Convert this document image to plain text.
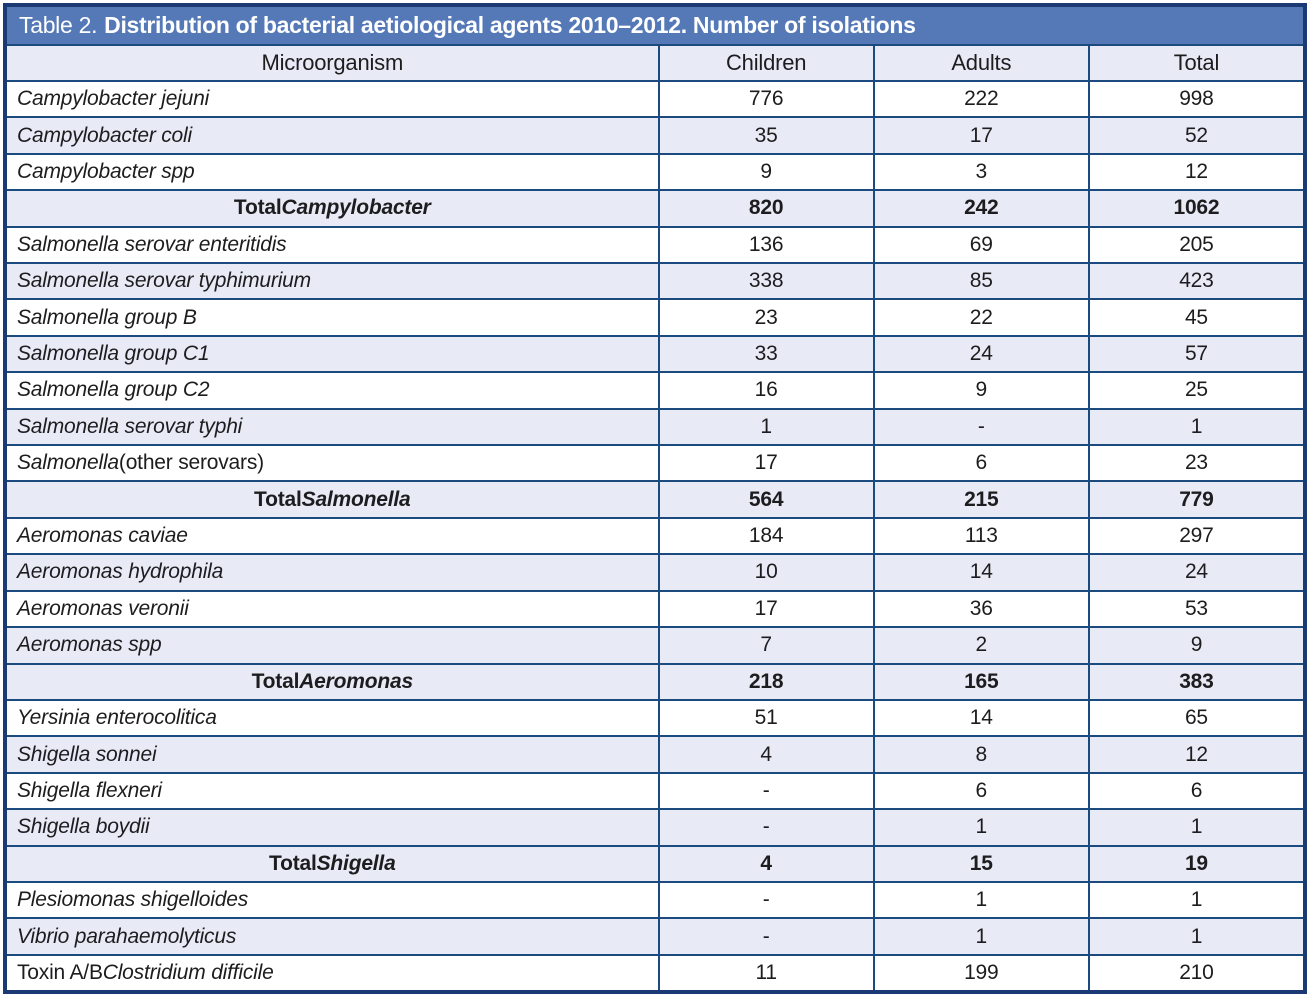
Table 2. Distribution of bacterial aetiological agents 2010–2012. Number of isolations
Microorganism	Children	Adults	Total
Campylobacter jejuni	776	222	998
Campylobacter coli	35	17	52
Campylobacter spp	9	3	12
Total Campylobacter	820	242	1062
Salmonella serovar enteritidis	136	69	205
Salmonella serovar typhimurium	338	85	423
Salmonella group B	23	22	45
Salmonella group C1	33	24	57
Salmonella group C2	16	9	25
Salmonella serovar typhi	1	-	1
Salmonella (other serovars)	17	6	23
Total Salmonella	564	215	779
Aeromonas caviae	184	113	297
Aeromonas hydrophila	10	14	24
Aeromonas veronii	17	36	53
Aeromonas spp	7	2	9
Total Aeromonas	218	165	383
Yersinia enterocolitica	51	14	65
Shigella sonnei	4	8	12
Shigella flexneri	-	6	6
Shigella boydii	-	1	1
Total Shigella	4	15	19
Plesiomonas shigelloides	-	1	1
Vibrio parahaemolyticus	-	1	1
Toxin A/B Clostridium difficile	11	199	210
